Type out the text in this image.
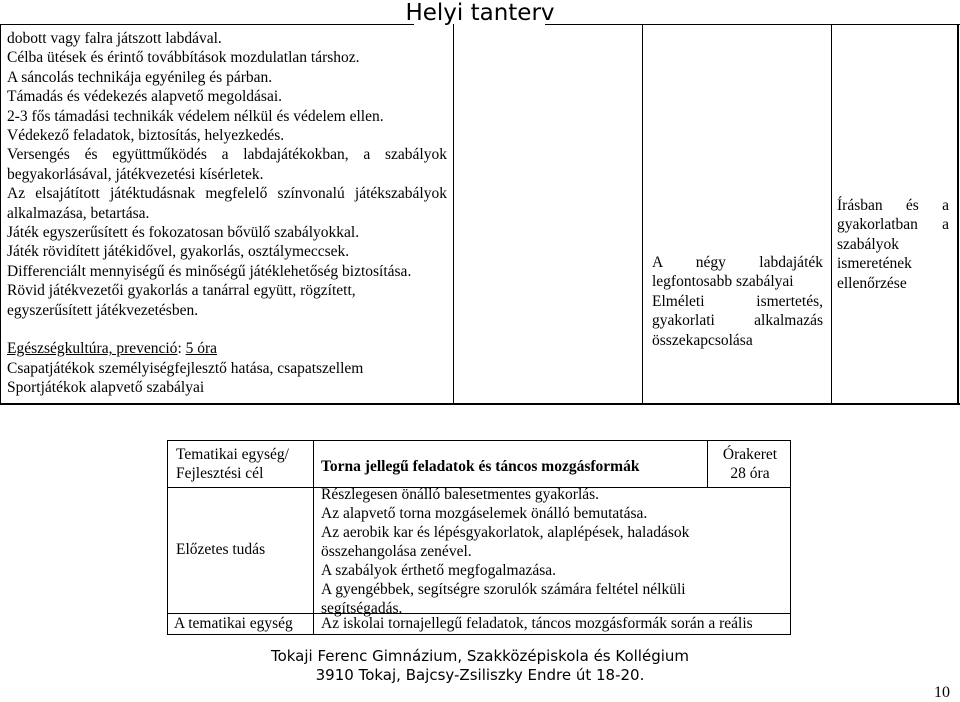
Helyi tanterv
dobott vagy falra játszott labdával.
Célba ütések és érintő továbbítások mozdulatlan társhoz.
A sáncolás technikája egyénileg és párban.
Támadás és védekezés alapvető megoldásai.
2-3 fős támadási technikák védelem nélkül és védelem ellen.
Védekező feladatok, biztosítás, helyezkedés.
Versengés és együttműködés a labdajátékokban, a szabályok
begyakorlásával, játékvezetési kísérletek.
Az elsajátított játéktudásnak megfelelő színvonalú játékszabályok
alkalmazása, betartása.
Játék egyszerűsített és fokozatosan bővülő szabályokkal.
Játék rövidített játékidővel, gyakorlás, osztálymeccsek.
Differenciált mennyiségű és minőségű játéklehetőség biztosítása.
Rövid játékvezetői gyakorlás a tanárral együtt, rögzített,
egyszerűsített játékvezetésben.
Egészségkultúra, prevenció: 5 óra
Csapatjátékok személyiségfejlesztő hatása, csapatszellem
Sportjátékok alapvető szabályai
A négy labdajáték
legfontosabb szabályai
Elméleti ismertetés,
gyakorlati alkalmazás
összekapcsolása
Írásban és a
gyakorlatban a
szabályok
ismeretének
ellenőrzése
Tematikai egység/
Fejlesztési cél	Torna jellegű feladatok és táncos mozgásformák
Órakeret
28 óra
Előzetes tudás
Részlegesen önálló balesetmentes gyakorlás.
Az alapvető torna mozgáselemek önálló bemutatása.
Az aerobik kar és lépésgyakorlatok, alaplépések, haladások
összehangolása zenével.
A szabályok érthető megfogalmazása.
A gyengébbek, segítségre szorulók számára feltétel nélküli
segítségadás.
A tematikai egység Az iskolai tornajellegű feladatok, táncos mozgásformák során a reális
Tokaji Ferenc Gimnázium, Szakközépiskola és Kollégium
3910 Tokaj, Bajcsy-Zsiliszky Endre út 18-20.
10
